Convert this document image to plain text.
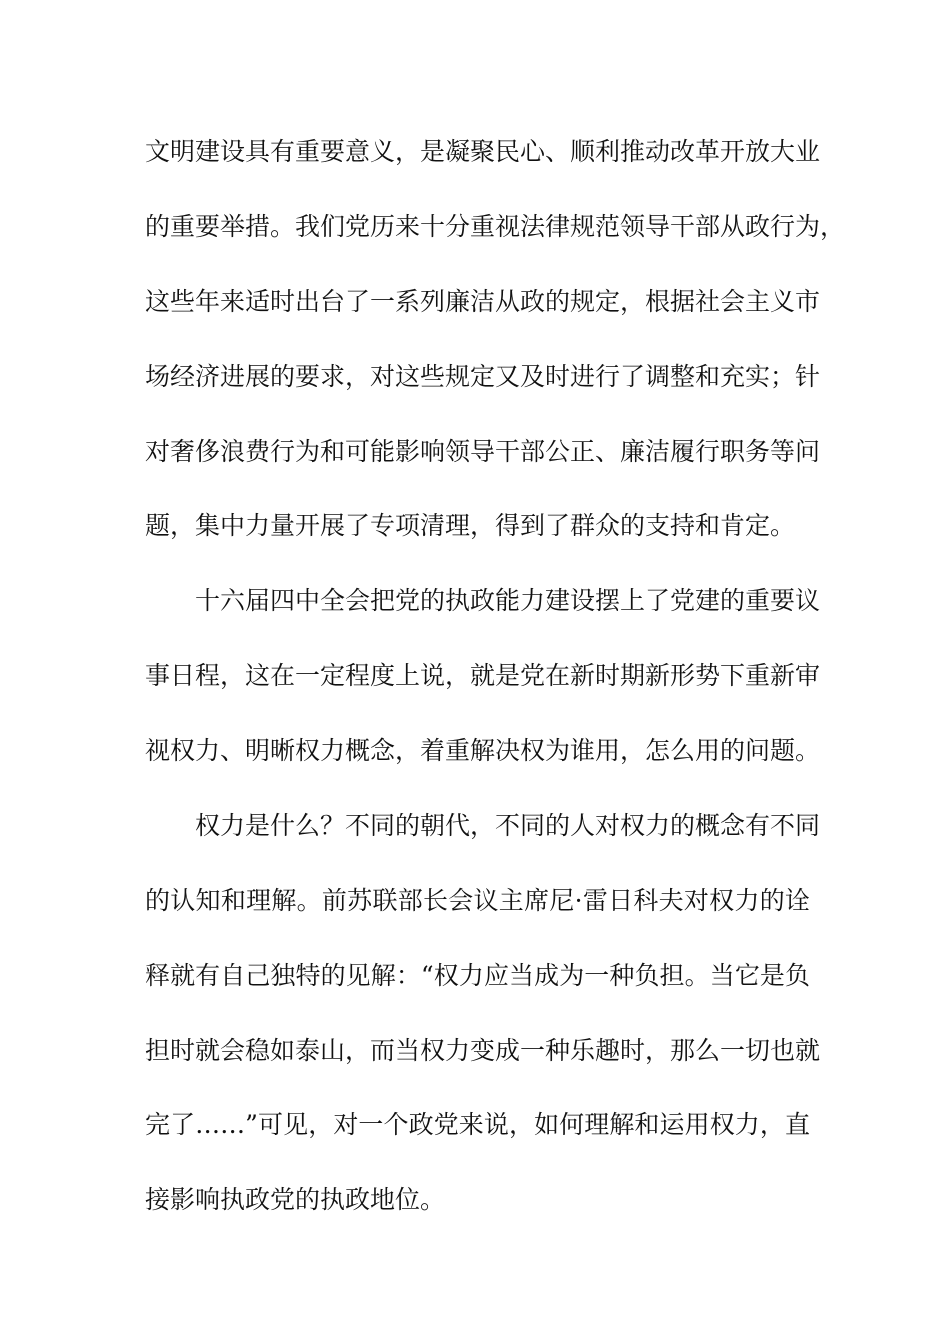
文明建设具有重要意义，是凝聚民心、顺利推动改革开放大业
的重要举措。我们党历来十分重视法律规范领导干部从政行为，
这些年来适时出台了一系列廉洁从政的规定，根据社会主义市
场经济进展的要求，对这些规定又及时进行了调整和充实；针
对奢侈浪费行为和可能影响领导干部公正、廉洁履行职务等问
题，集中力量开展了专项清理，得到了群众的支持和肯定。
十六届四中全会把党的执政能力建设摆上了党建的重要议
事日程，这在一定程度上说，就是党在新时期新形势下重新审
视权力、明晰权力概念，着重解决权为谁用，怎么用的问题。
权力是什么？不同的朝代，不同的人对权力的概念有不同
的认知和理解。前苏联部长会议主席尼·雷日科夫对权力的诠
释就有自己独特的见解：“权力应当成为一种负担。当它是负
担时就会稳如泰山，而当权力变成一种乐趣时，那么一切也就
完了……”可见，对一个政党来说，如何理解和运用权力，直
接影响执政党的执政地位。
